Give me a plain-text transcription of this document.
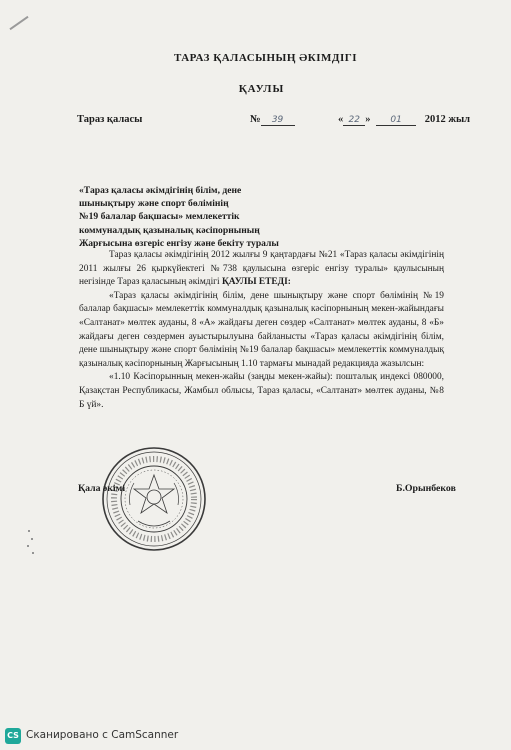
ТАРАЗ ҚАЛАСЫНЫҢ ӘКІМДІГІ
ҚАУЛЫ
Тараз қаласы	№ 39	« 22 » 01 2012 жыл
«Тараз қаласы әкімдігінің білім, дене
шынықтыру және спорт бөлімінің
№19 балалар бақшасы» мемлекеттік
коммуналдық қазыналық кәсіпорнының
Жарғысына өзгеріс енгізу және бекіту туралы

Тараз қаласы әкімдігінің 2012 жылғы 9 қаңтардағы №21 «Тараз қаласы әкімдігінің 2011 жылғы 26 қыркүйектегі №738 қаулысына өзгеріс енгізу туралы» қаулысының негізінде Тараз қаласының әкімдігі ҚАУЛЫ ЕТЕДІ:

«Тараз қаласы әкімдігінің білім, дене шынықтыру және спорт бөлімінің №19 балалар бақшасы» мемлекеттік коммуналдық қазыналық кәсіпорнының мекен-жайындағы «Салтанат» мөлтек ауданы, 8 «А» жайдағы деген сөздер «Салтанат» мөлтек ауданы, 8 «Б» жайдағы деген сөздермен ауыстырылуына байланысты «Тараз қаласы әкімдігінің білім, дене шынықтыру және спорт бөлімінің №19 балалар бақшасы» мемлекеттік коммуналдық қазыналық кәсіпорнының Жарғысының 1.10 тармағы мынадай редакцияда жазылсын:

«1.10 Кәсіпорынның мекен-жайы (заңды мекен-жайы): пошталық индексі 080000, Қазақстан Республикасы, Жамбыл облысы, Тараз қаласы, «Салтанат» мөлтек ауданы, №8 Б үй».

Қала әкімі	Б.Орынбеков
CS Сканировано с CamScanner
